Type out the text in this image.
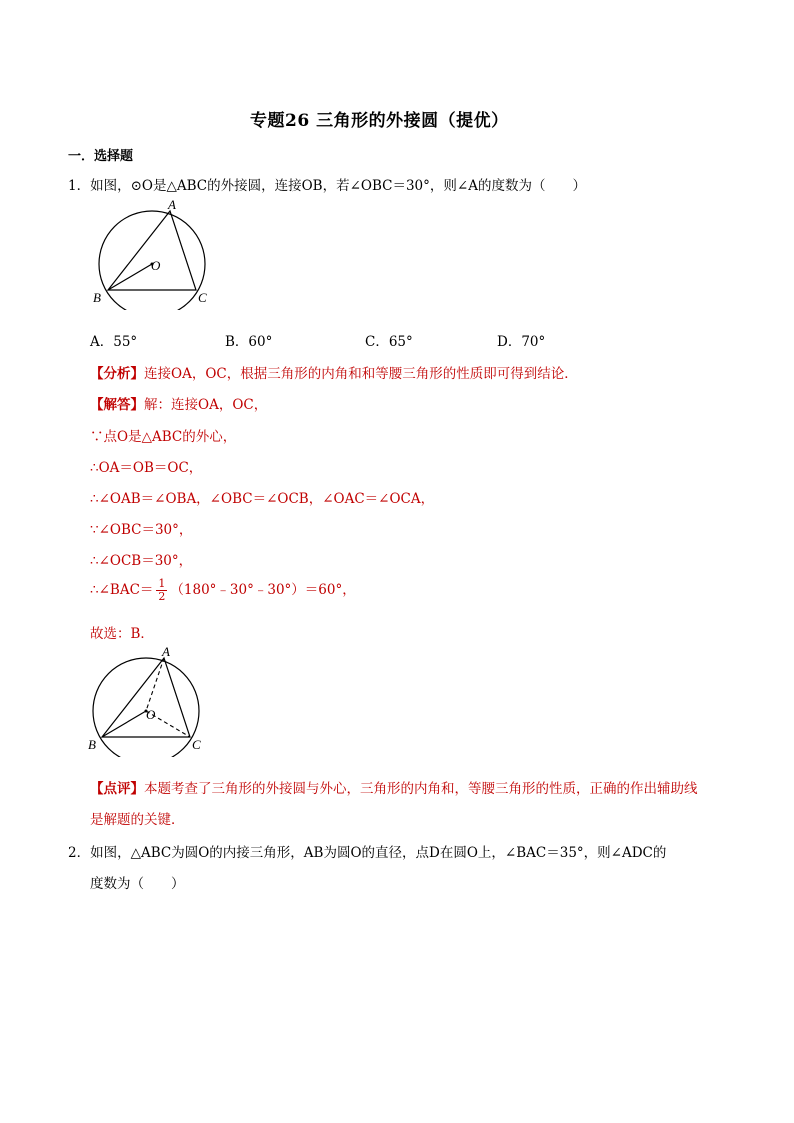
专题26 三角形的外接圆（提优）
一．选择题
1．如图，⊙O是△ABC的外接圆，连接OB，若∠OBC＝30°，则∠A的度数为（　　）
A
B	C
O
A．55°	B．60°	C．65°	D．70°
【分析】连接OA，OC，根据三角形的内角和和等腰三角形的性质即可得到结论．
【解答】解：连接OA，OC，
∵点O是△ABC的外心，
∴OA＝OB＝OC，
∴∠OAB＝∠OBA，∠OBC＝∠OCB，∠OAC＝∠OCA，
∵∠OBC＝30°，
∴∠OCB＝30°，
∴∠BAC＝ $\frac{1}{2}$ （180°﹣30°﹣30°）＝60°，
故选：B．
A
B	C
O
【点评】本题考查了三角形的外接圆与外心，三角形的内角和，等腰三角形的性质，正确的作出辅助线
是解题的关键．
2．如图，△ABC为圆O的内接三角形，AB为圆O的直径，点D在圆O上，∠BAC＝35°，则∠ADC的
度数为（　　）
